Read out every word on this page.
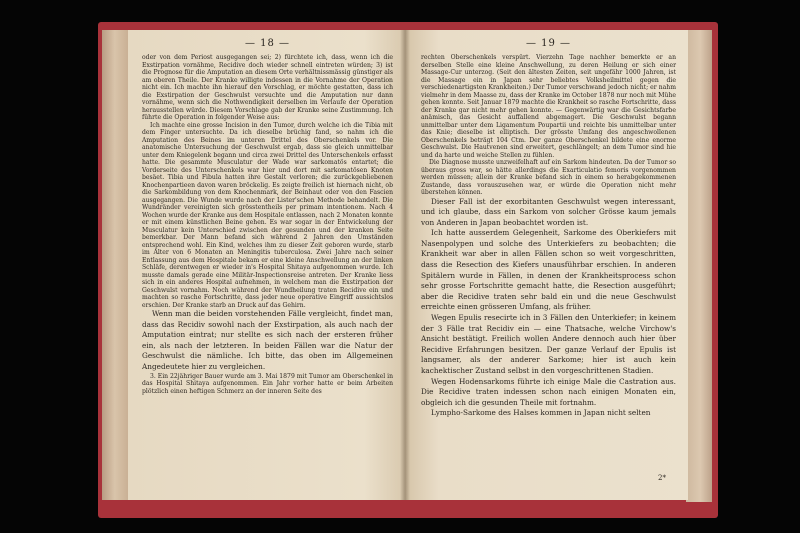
— 18 —

oder von dem Periost ausgegangen sei; 2) fürchtete ich, dass, wenn ich die Exstirpation vornähme, Recidive doch wieder schnell eintreten würden; 3) ist die Prognose für die Amputation an diesem Orte verhältnissmässig günstiger als am oberen Theile. Der Kranke willigte indessen in die Vornahme der Operation nicht ein. Ich machte ihn hierauf den Vorschlag, er möchte gestatten, dass ich die Exstirpation der Geschwulst versuchte und die Amputation nur dann vornähme, wenn sich die Nothwendigkeit derselben im Verlaufe der Operation herausstellen würde. Diesem Vorschlage gab der Kranke seine Zustimmung. Ich führte die Operation in folgender Weise aus:

Ich machte eine grosse Incision in den Tumor, durch welche ich die Tibia mit dem Finger untersuchte. Da ich dieselbe brüchig fand, so nahm ich die Amputation des Beines im unteren Drittel des Oberschenkels vor. Die anatomische Untersuchung der Geschwulst ergab, dass sie gleich unmittelbar unter dem Kniegelenk begann und circa zwei Drittel des Unterschenkels erfasst hatte. Die gesammte Musculatur der Wade war sarkomatös entartet; die Vorderseite des Unterschenkels war hier und dort mit sarkomatösen Knoten besäet. Tibia und Fibula hatten ihre Gestalt verloren; die zurückgebliebenen Knochenpartieen davon waren bröckelig. Es zeigte freilich ist hiernach nicht, ob die Sarkombildung von dem Knochenmark, der Beinhaut oder von den Fascien ausgegangen. Die Wunde wurde nach der Lister'schen Methode behandelt. Die Wundränder vereinigten sich grösstentheils per primam intentionem. Nach 4 Wochen wurde der Kranke aus dem Hospitale entlassen, nach 2 Monaten konnte er mit einem künstlichen Beine gehen. Es war sogar in der Entwickelung der Musculatur kein Unterschied zwischen der gesunden und der kranken Seite bemerkbar. Der Mann befand sich während 2 Jahren den Umständen entsprechend wohl. Ein Kind, welches ihm zu dieser Zeit geboren wurde, starb im Alter von 6 Monaten an Meningitis tuberculosa. Zwei Jahre nach seiner Entlassung aus dem Hospitale bekam er eine kleine Anschwellung an der linken Schläfe, derentwegen er wieder in's Hospital Shitaya aufgenommen wurde. Ich musste damals gerade eine Militär-Inspectionsreise antreten. Der Kranke liess sich in ein anderes Hospital aufnehmen, in welchem man die Exstirpation der Geschwulst vornahm. Noch während der Wundheilung traten Recidive ein und machten so rasche Fortschritte, dass jeder neue operative Eingriff aussichtslos erschien. Der Kranke starb an Druck auf das Gehirn.

Wenn man die beiden vorstehenden Fälle vergleicht, findet man, dass das Recidiv sowohl nach der Exstirpation, als auch nach der Amputation eintrat; nur stellte es sich nach der ersteren früher ein, als nach der letzteren. In beiden Fällen war die Natur der Geschwulst die nämliche. Ich bitte, das oben im Allgemeinen Angedeutete hier zu vergleichen.

3. Ein 22jähriger Bauer wurde am 3. Mai 1879 mit Tumor am Oberschenkel in das Hospital Shitaya aufgenommen. Ein Jahr vorher hatte er beim Arbeiten plötzlich einen heftigen Schmerz an der inneren Seite des

— 19 —

rechten Oberschenkels verspürt. Vierzehn Tage nachher bemerkte er an derselben Stelle eine kleine Anschwellung, zu deren Heilung er sich einer Massage-Cur unterzog. (Seit den ältesten Zeiten, seit ungefähr 1000 Jahren, ist die Massage ein in Japan sehr beliebtes Volksheilmittel gegen die verschiedenartigsten Krankheiten.) Der Tumor verschwand jedoch nicht; er nahm vielmehr in dem Maasse zu, dass der Kranke im October 1878 nur noch mit Mühe gehen konnte. Seit Januar 1879 machte die Krankheit so rasche Fortschritte, dass der Kranke gar nicht mehr gehen konnte. — Gegenwärtig war die Gesichtsfarbe anämisch, das Gesicht auffallend abgemagert. Die Geschwulst begann unmittelbar unter dem Ligamentum Poupartii und reichte bis unmittelbar unter das Knie; dieselbe ist elliptisch. Der grösste Umfang des angeschwollenen Oberschenkels beträgt 104 Ctm. Der ganze Oberschenkel bildete eine enorme Geschwulst. Die Hautvenen sind erweitert, geschlängelt; an dem Tumor sind hie und da harte und weiche Stellen zu fühlen.

Die Diagnose musste unzweifelhaft auf ein Sarkom hindeuten. Da der Tumor so überaus gross war, so hätte allerdings die Exarticulatio femoris vorgenommen werden müssen; allein der Kranke befand sich in einem so herabgekommenen Zustande, dass vorauszusehen war, er würde die Operation nicht mehr überstehen können.

Dieser Fall ist der exorbitanten Geschwulst wegen interessant, und ich glaube, dass ein Sarkom von solcher Grösse kaum jemals von Anderen in Japan beobachtet worden ist.

Ich hatte ausserdem Gelegenheit, Sarkome des Oberkiefers mit Nasenpolypen und solche des Unterkiefers zu beobachten; die Krankheit war aber in allen Fällen schon so weit vorgeschritten, dass die Resection des Kiefers unausführbar erschien. In anderen Spitälern wurde in Fällen, in denen der Krankheitsprocess schon sehr grosse Fortschritte gemacht hatte, die Resection ausgeführt; aber die Recidive traten sehr bald ein und die neue Geschwulst erreichte einen grösseren Umfang, als früher.

Wegen Epulis resecirte ich in 3 Fällen den Unterkiefer; in keinem der 3 Fälle trat Recidiv ein — eine Thatsache, welche Virchow's Ansicht bestätigt. Freilich wollen Andere dennoch auch hier über Recidive Erfahrungen besitzen. Der ganze Verlauf der Epulis ist langsamer, als der anderer Sarkome; hier ist auch kein kachektischer Zustand selbst in den vorgeschrittenen Stadien.

Wegen Hodensarkoms führte ich einige Male die Castration aus. Die Recidive traten indessen schon nach einigen Monaten ein, obgleich ich die gesunden Theile mit fortnahm.

Lympho-Sarkome des Halses kommen in Japan nicht selten

2*
